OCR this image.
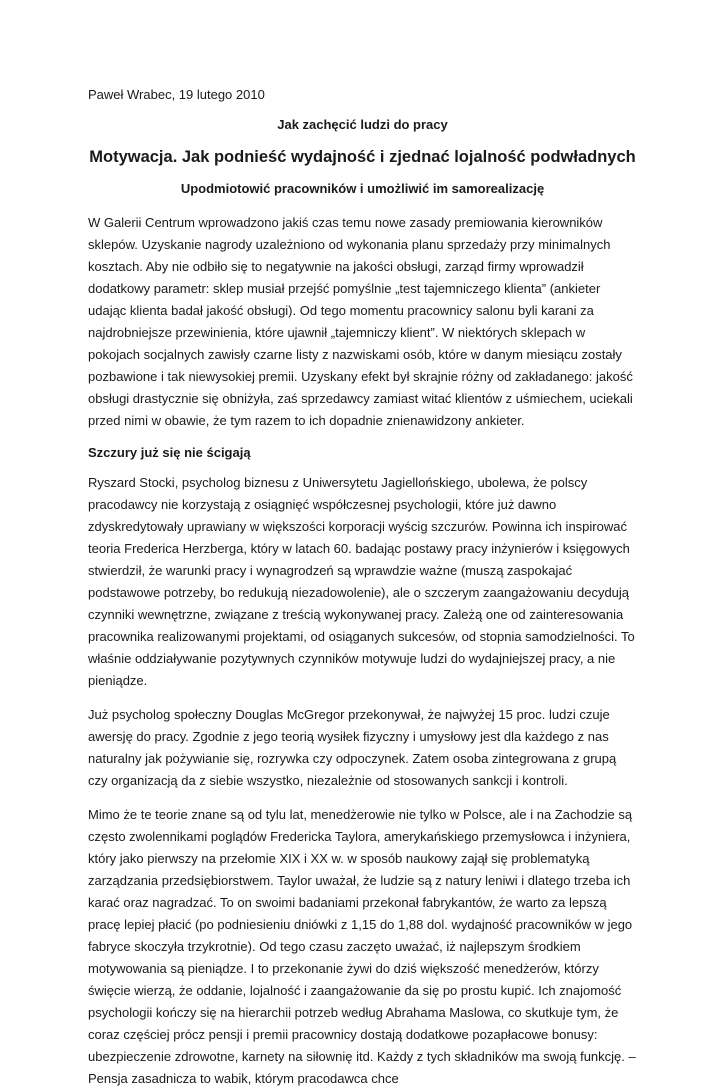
Paweł Wrabec, 19 lutego 2010
Jak zachęcić ludzi do pracy
Motywacja. Jak podnieść wydajność i zjednać lojalność podwładnych
Upodmiotowić pracowników i umożliwić im samorealizację

W Galerii Centrum wprowadzono jakiś czas temu nowe zasady premiowania kierowników sklepów. Uzyskanie nagrody uzależniono od wykonania planu sprzedaży przy minimalnych kosztach. Aby nie odbiło się to negatywnie na jakości obsługi, zarząd firmy wprowadził dodatkowy parametr: sklep musiał przejść pomyślnie „test tajemniczego klienta” (ankieter udając klienta badał jakość obsługi). Od tego momentu pracownicy salonu byli karani za najdrobniejsze przewinienia, które ujawnił „tajemniczy klient”. W niektórych sklepach w pokojach socjalnych zawisły czarne listy z nazwiskami osób, które w danym miesiącu zostały pozbawione i tak niewysokiej premii. Uzyskany efekt był skrajnie różny od zakładanego: jakość obsługi drastycznie się obniżyła, zaś sprzedawcy zamiast witać klientów z uśmiechem, uciekali przed nimi w obawie, że tym razem to ich dopadnie znienawidzony ankieter.

Szczury już się nie ścigają

Ryszard Stocki, psycholog biznesu z Uniwersytetu Jagiellońskiego, ubolewa, że polscy pracodawcy nie korzystają z osiągnięć współczesnej psychologii, które już dawno zdyskredytowały uprawiany w większości korporacji wyścig szczurów. Powinna ich inspirować teoria Frederica Herzberga, który w latach 60. badając postawy pracy inżynierów i księgowych stwierdził, że warunki pracy i wynagrodzeń są wprawdzie ważne (muszą zaspokajać podstawowe potrzeby, bo redukują niezadowolenie), ale o szczerym zaangażowaniu decydują czynniki wewnętrzne, związane z treścią wykonywanej pracy. Zależą one od zainteresowania pracownika realizowanymi projektami, od osiąganych sukcesów, od stopnia samodzielności. To właśnie oddziaływanie pozytywnych czynników motywuje ludzi do wydajniejszej pracy, a nie pieniądze.

Już psycholog społeczny Douglas McGregor przekonywał, że najwyżej 15 proc. ludzi czuje awersję do pracy. Zgodnie z jego teorią wysiłek fizyczny i umysłowy jest dla każdego z nas naturalny jak pożywianie się, rozrywka czy odpoczynek. Zatem osoba zintegrowana z grupą czy organizacją da z siebie wszystko, niezależnie od stosowanych sankcji i kontroli.

Mimo że te teorie znane są od tylu lat, menedżerowie nie tylko w Polsce, ale i na Zachodzie są często zwolennikami poglądów Fredericka Taylora, amerykańskiego przemysłowca i inżyniera, który jako pierwszy na przełomie XIX i XX w. w sposób naukowy zajął się problematyką zarządzania przedsiębiorstwem. Taylor uważał, że ludzie są z natury leniwi i dlatego trzeba ich karać oraz nagradzać. To on swoimi badaniami przekonał fabrykantów, że warto za lepszą pracę lepiej płacić (po podniesieniu dniówki z 1,15 do 1,88 dol. wydajność pracowników w jego fabryce skoczyła trzykrotnie). Od tego czasu zaczęto uważać, iż najlepszym środkiem motywowania są pieniądze. I to przekonanie żywi do dziś większość menedżerów, którzy święcie wierzą, że oddanie, lojalność i zaangażowanie da się po prostu kupić. Ich znajomość psychologii kończy się na hierarchii potrzeb według Abrahama Maslowa, co skutkuje tym, że coraz częściej prócz pensji i premii pracownicy dostają dodatkowe pozapłacowe bonusy: ubezpieczenie zdrowotne, karnety na siłownię itd. Każdy z tych składników ma swoją funkcję. – Pensja zasadnicza to wabik, którym pracodawca chce
